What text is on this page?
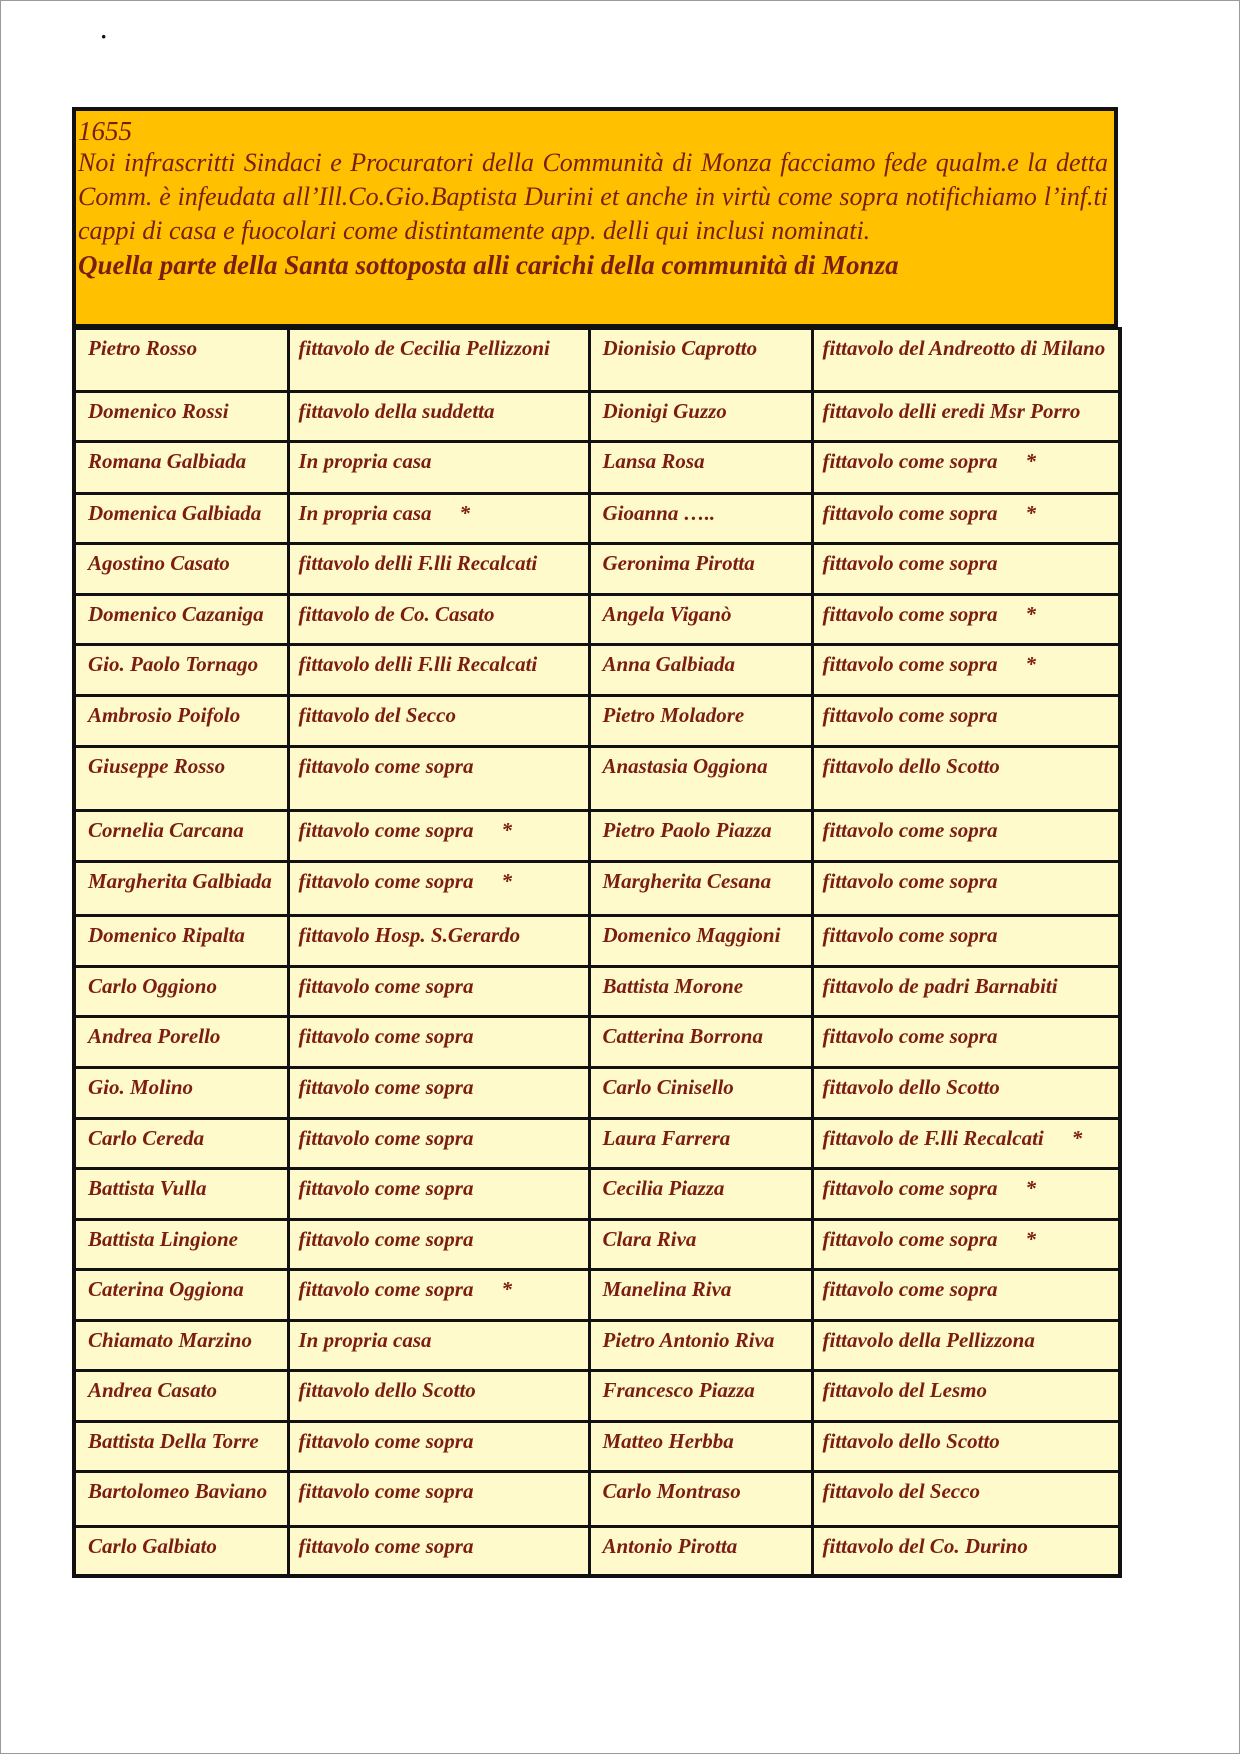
·

1655

Noi infrascritti Sindaci e Procuratori della Communità di Monza facciamo fede qualm.e la detta Comm. è infeudata all’Ill.Co.Gio.Baptista Durini et anche in virtù come sopra notifichiamo l’inf.ti cappi di casa e fuocolari come distintamente app. delli qui inclusi nominati.

Quella parte della Santa sottoposta alli carichi della communità di Monza

Pietro Rosso	fittavolo de Cecilia Pellizzoni	Dionisio Caprotto	fittavolo del Andreotto di Milano
Domenico Rossi	fittavolo della suddetta	Dionigi Guzzo	fittavolo delli eredi Msr Porro
Romana Galbiada	In propria casa	Lansa Rosa	fittavolo come sopra *
Domenica Galbiada	In propria casa *	Gioanna …..	fittavolo come sopra *
Agostino Casato	fittavolo delli F.lli Recalcati	Geronima Pirotta	fittavolo come sopra
Domenico Cazaniga	fittavolo de Co. Casato	Angela Viganò	fittavolo come sopra *
Gio. Paolo Tornago	fittavolo delli F.lli Recalcati	Anna Galbiada	fittavolo come sopra *
Ambrosio Poifolo	fittavolo del Secco	Pietro Moladore	fittavolo come sopra
Giuseppe Rosso	fittavolo come sopra	Anastasia Oggiona	fittavolo dello Scotto
Cornelia Carcana	fittavolo come sopra *	Pietro Paolo Piazza	fittavolo come sopra
Margherita Galbiada	fittavolo come sopra *	Margherita Cesana	fittavolo come sopra
Domenico Ripalta	fittavolo Hosp. S.Gerardo	Domenico Maggioni	fittavolo come sopra
Carlo Oggiono	fittavolo come sopra	Battista Morone	fittavolo de padri Barnabiti
Andrea Porello	fittavolo come sopra	Catterina Borrona	fittavolo come sopra
Gio. Molino	fittavolo come sopra	Carlo Cinisello	fittavolo dello Scotto
Carlo Cereda	fittavolo come sopra	Laura Farrera	fittavolo de F.lli Recalcati *
Battista Vulla	fittavolo come sopra	Cecilia Piazza	fittavolo come sopra *
Battista Lingione	fittavolo come sopra	Clara Riva	fittavolo come sopra *
Caterina Oggiona	fittavolo come sopra *	Manelina Riva	fittavolo come sopra
Chiamato Marzino	In propria casa	Pietro Antonio Riva	fittavolo della Pellizzona
Andrea Casato	fittavolo dello Scotto	Francesco Piazza	fittavolo del Lesmo
Battista Della Torre	fittavolo come sopra	Matteo Herbba	fittavolo dello Scotto
Bartolomeo Baviano	fittavolo come sopra	Carlo Montraso	fittavolo del Secco
Carlo Galbiato	fittavolo come sopra	Antonio Pirotta	fittavolo del Co. Durino
